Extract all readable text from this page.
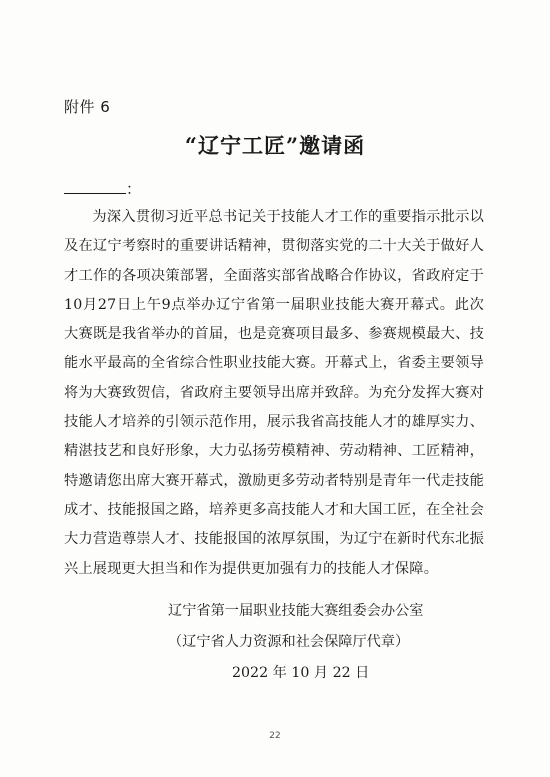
附件 6
“辽宁工匠”邀请函
：

为深入贯彻习近平总书记关于技能人才工作的重要指示批示以及在辽宁考察时的重要讲话精神，贯彻落实党的二十大关于做好人才工作的各项决策部署，全面落实部省战略合作协议，省政府定于10月27日上午9点举办辽宁省第一届职业技能大赛开幕式。此次大赛既是我省举办的首届，也是竞赛项目最多、参赛规模最大、技能水平最高的全省综合性职业技能大赛。开幕式上，省委主要领导将为大赛致贺信，省政府主要领导出席并致辞。为充分发挥大赛对技能人才培养的引领示范作用，展示我省高技能人才的雄厚实力、精湛技艺和良好形象，大力弘扬劳模精神、劳动精神、工匠精神，特邀请您出席大赛开幕式，激励更多劳动者特别是青年一代走技能成才、技能报国之路，培养更多高技能人才和大国工匠，在全社会大力营造尊崇人才、技能报国的浓厚氛围，为辽宁在新时代东北振兴上展现更大担当和作为提供更加强有力的技能人才保障。

辽宁省第一届职业技能大赛组委会办公室
（辽宁省人力资源和社会保障厅代章）
2022 年 10 月 22 日
22
